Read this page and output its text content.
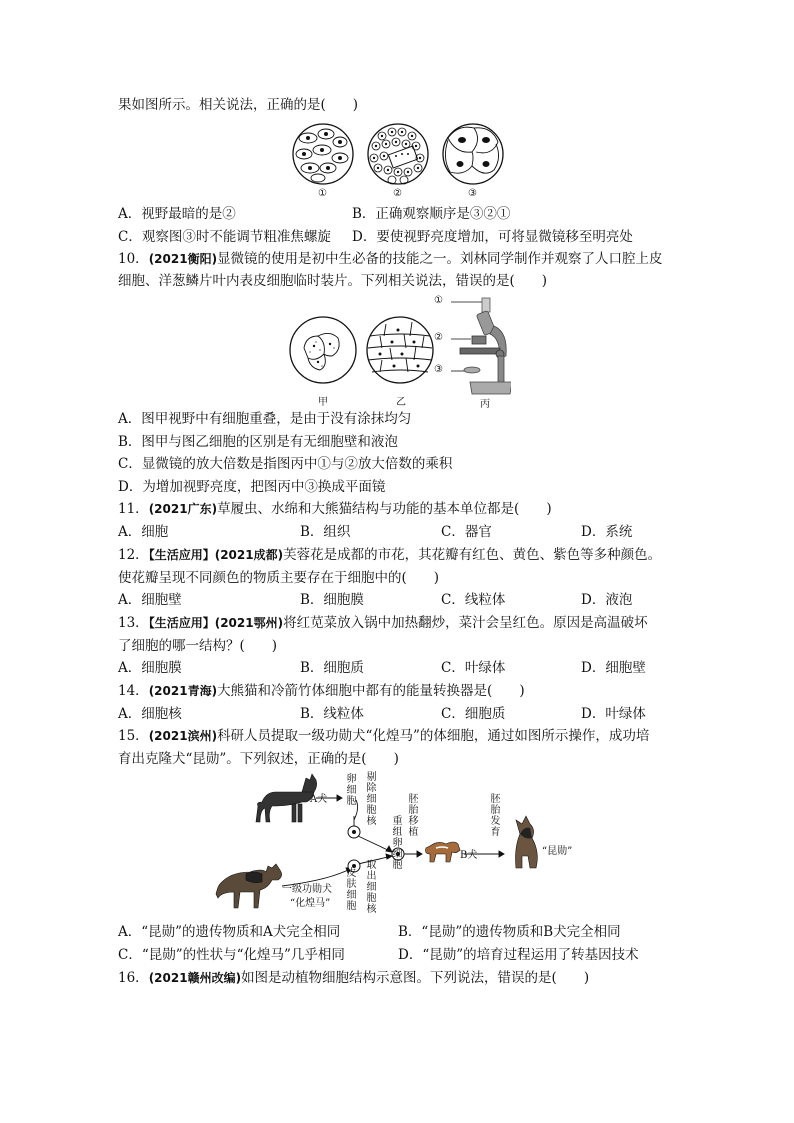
果如图所示。相关说法，正确的是(　　)
①	②	③
A．视野最暗的是②	B．正确观察顺序是③②①
C．观察图③时不能调节粗准焦螺旋 D．要使视野亮度增加，可将显微镜移至明亮处
10．(2021衡阳)显微镜的使用是初中生必备的技能之一。刘林同学制作并观察了人口腔上皮
细胞、洋葱鳞片叶内表皮细胞临时装片。下列相关说法，错误的是(　　)
①
②
③
甲	乙	丙
A．图甲视野中有细胞重叠，是由于没有涂抹均匀
B．图甲与图乙细胞的区别是有无细胞壁和液泡
C．显微镜的放大倍数是指图丙中①与②放大倍数的乘积
D．为增加视野亮度，把图丙中③换成平面镜
11．(2021广东)草履虫、水绵和大熊猫结构与功能的基本单位都是(　　)
A．细胞	B．组织	C．器官	D．系统
12．【生活应用】(2021成都)芙蓉花是成都的市花，其花瓣有红色、黄色、紫色等多种颜色。
使花瓣呈现不同颜色的物质主要存在于细胞中的(　　)
A．细胞壁	B．细胞膜	C．线粒体	D．液泡
13．【生活应用】(2021鄂州)将红苋菜放入锅中加热翻炒，菜汁会呈红色。原因是高温破坏
了细胞的哪一结构？(　　)
A．细胞膜	B．细胞质	C．叶绿体	D．细胞壁
14．(2021青海)大熊猫和冷箭竹体细胞中都有的能量转换器是(　　)
A．细胞核	B．线粒体	C．细胞质	D．叶绿体
15．(2021滨州)科研人员提取一级功勋犬“化煌马”的体细胞，通过如图所示操作，成功培
育出克隆犬“昆勋”。下列叙述，正确的是(　　)
A犬
卵细胞
剔除细胞核 重组卵细胞
胚胎移植
B犬
胚胎发育
“昆勋”
皮肤细胞
取出细胞核
一级功勋犬
“化煌马”
A．“昆勋”的遗传物质和A犬完全相同	B．“昆勋”的遗传物质和B犬完全相同
C．“昆勋”的性状与“化煌马”几乎相同	D．“昆勋”的培育过程运用了转基因技术
16．(2021赣州改编)如图是动植物细胞结构示意图。下列说法，错误的是(　　)
